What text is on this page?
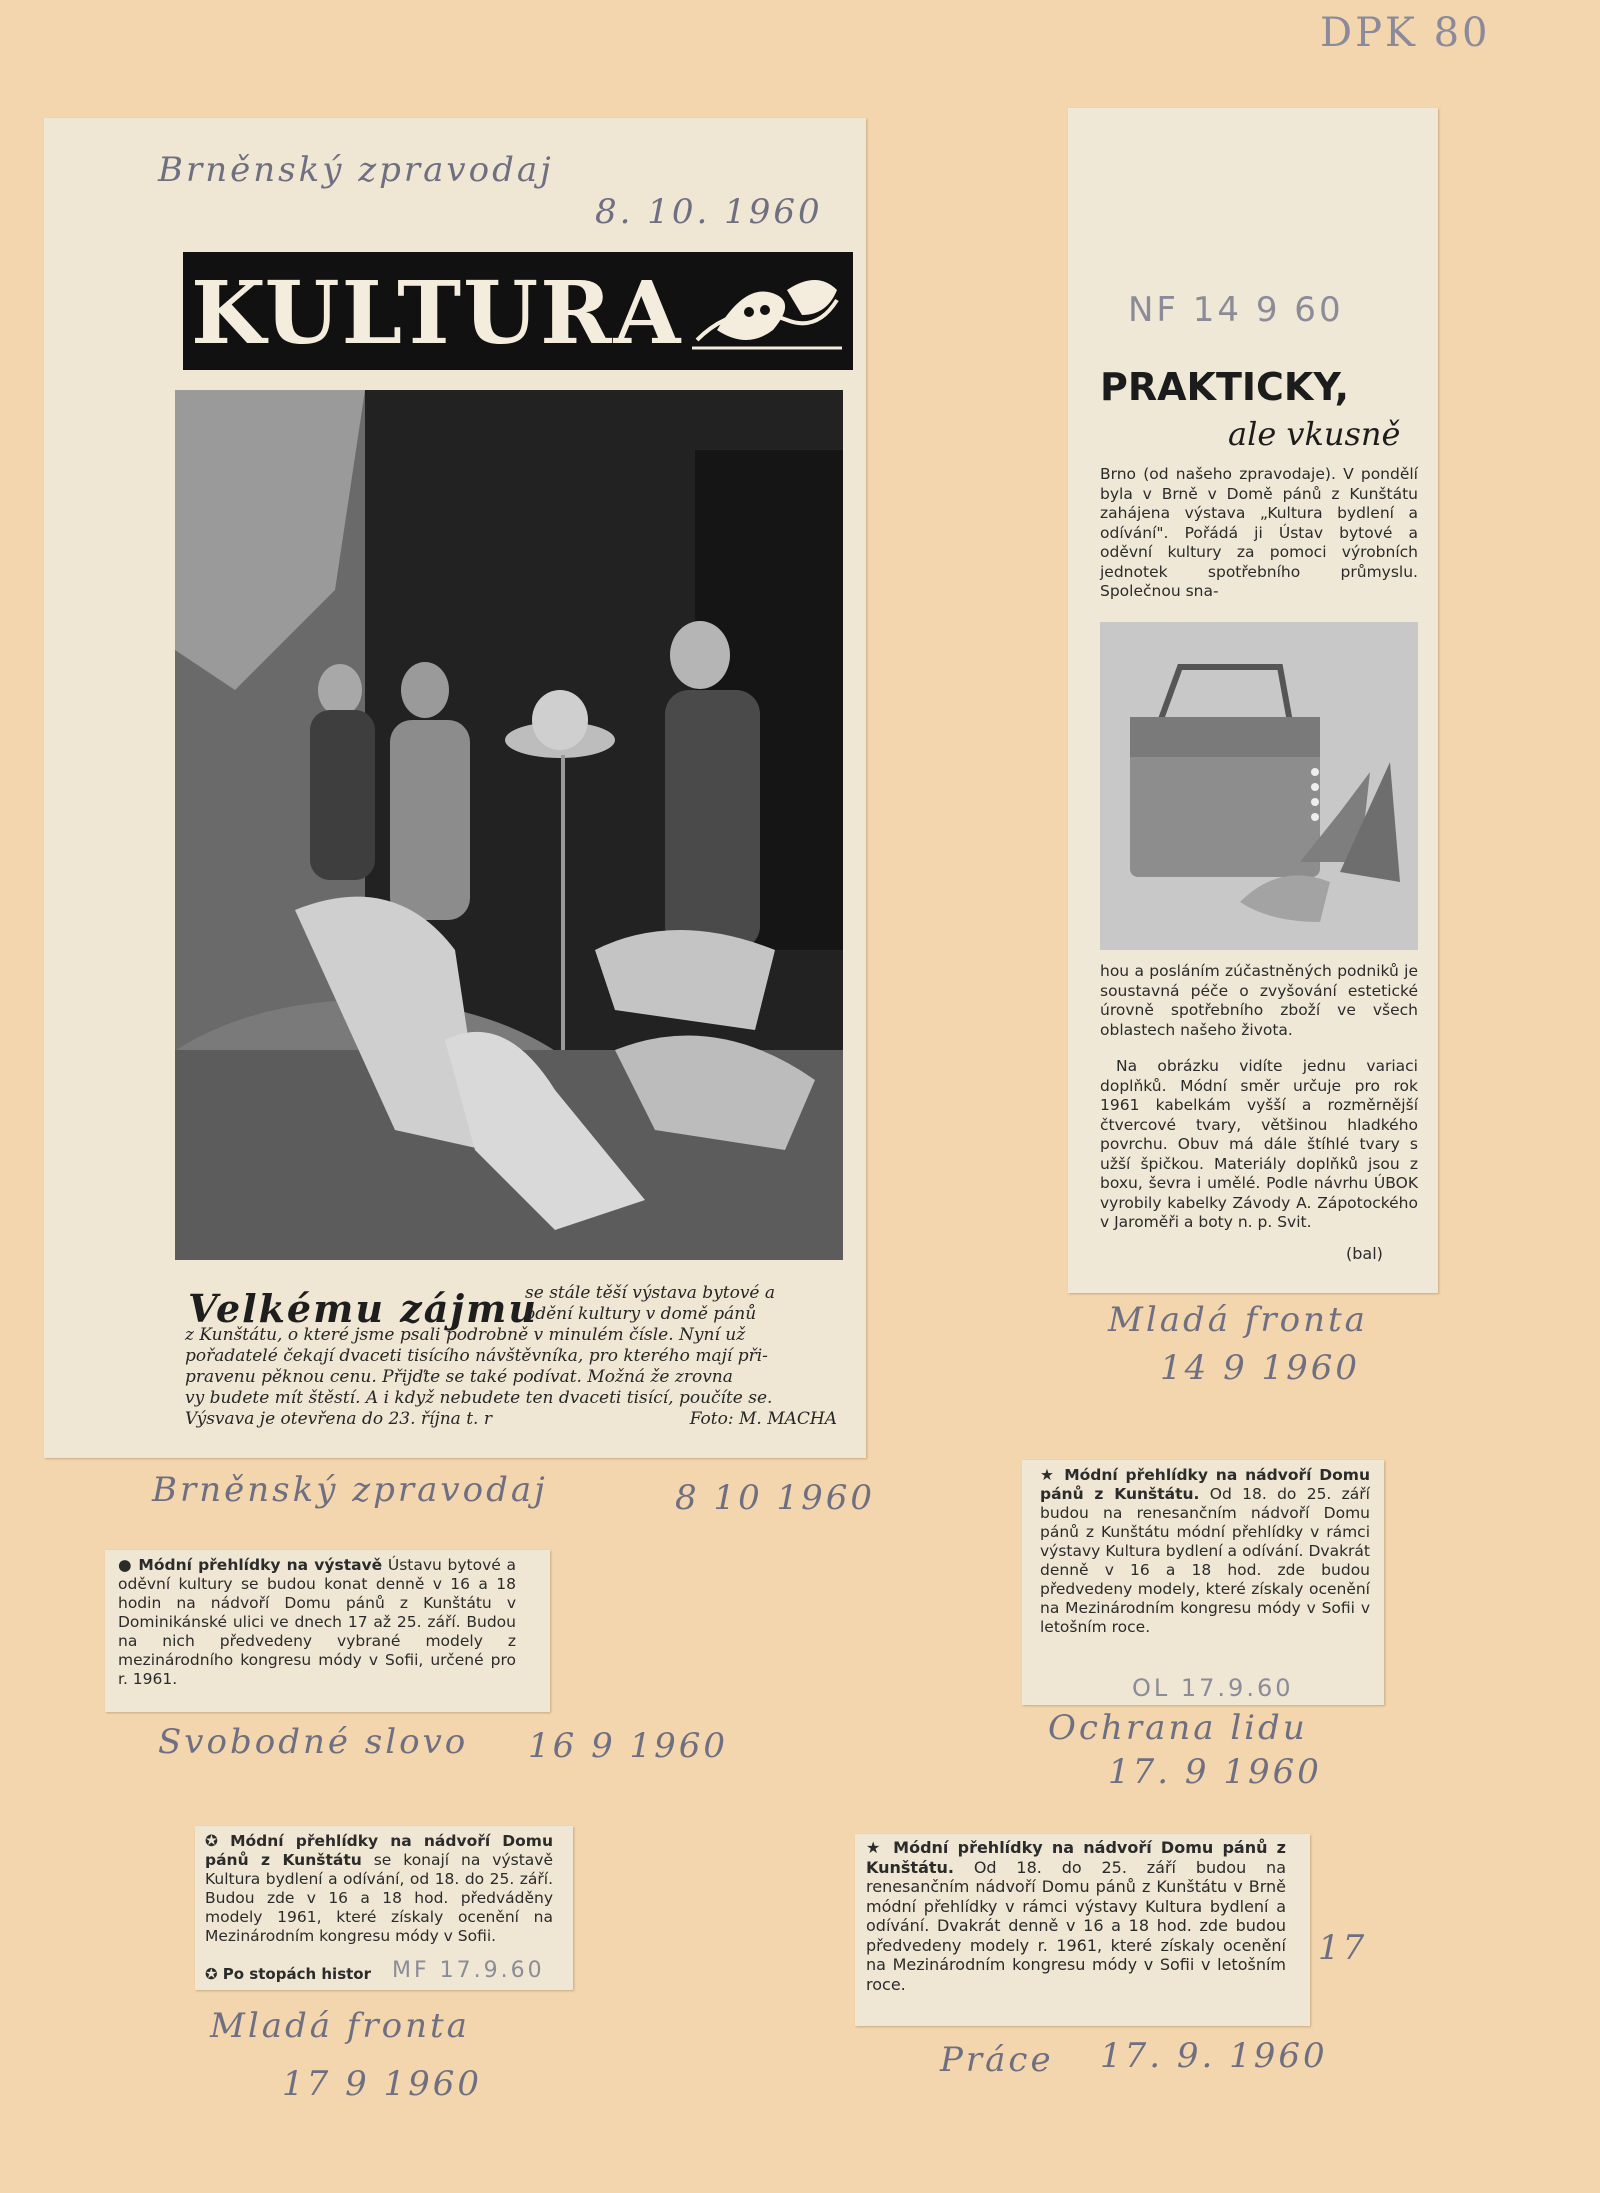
DPK 80
Brněnský zpravodaj
8. 10. 1960
KULTURA
Velkému zájmu
se stále těší výstava bytové a
odění kultury v domě pánů
z Kunštátu, o které jsme psali podrobně v minulém čísle. Nyní už
pořadatelé čekají dvaceti tisícího návštěvníka, pro kterého mají při-
pravenu pěknou cenu. Přijďte se také podívat. Možná že zrovna
vy budete mít štěstí. A i když nebudete ten dvaceti tisící, poučíte se.
Výsvava je otevřena do 23. října t. r	Foto: M. MACHA
Brněnský zpravodaj	8 10 1960
NF 14 9 60
PRAKTICKY,
ale vkusně

Brno (od našeho zpravodaje). V pondělí byla v Brně v Domě pánů z Kunštátu zahájena výstava „Kultura bydlení a odívání". Pořádá ji Ústav bytové a oděvní kultury za pomoci výrobních jednotek spotřebního průmyslu. Společnou sna-

hou a posláním zúčastněných podniků je soustavná péče o zvyšování estetické úrovně spotřebního zboží ve všech oblastech našeho života.

Na obrázku vidíte jednu variaci doplňků. Módní směr určuje pro rok 1961 kabelkám vyšší a rozměrnější čtvercové tvary, většinou hladkého povrchu. Obuv má dále štíhlé tvary s užší špičkou. Materiály doplňků jsou z boxu, ševra i umělé. Podle návrhu ÚBOK vyrobily kabelky Závody A. Zápotockého v Jaroměři a boty n. p. Svit.

(bal)
Mladá fronta
14 9 1960

● Módní přehlídky na výstavě Ústavu bytové a oděvní kultury se budou konat denně v 16 a 18 hodin na nádvoří Domu pánů z Kunštátu v Dominikánské ulici ve dnech 17 až 25. září. Budou na nich předvedeny vybrané modely z mezinárodního kongresu módy v Sofii, určené pro r. 1961.

Svobodné slovo 16 9 1960

★ Módní přehlídky na nádvoří Domu pánů z Kunštátu. Od 18. do 25. září budou na renesančním nádvoří Domu pánů z Kunštátu módní přehlídky v rámci výstavy Kultura bydlení a odívání. Dvakrát denně v 16 a 18 hod. zde budou předvedeny modely, které získaly ocenění na Mezinárodním kongresu módy v Sofii v letošním roce.

OL 17.9.60
Ochrana lidu
17. 9 1960

✪ Módní přehlídky na nádvoří Domu pánů z Kunštátu se konají na výstavě Kultura bydlení a odívání, od 18. do 25. září. Budou zde v 16 a 18 hod. předváděny modely 1961, které získaly ocenění na Mezinárodním kongresu módy v Sofii.

✪ Po stopách histor MF 17.9.60
Mladá fronta
17 9 1960

★ Módní přehlídky na nádvoří Domu pánů z Kunštátu. Od 18. do 25. září budou na renesančním nádvoří Domu pánů z Kunštátu v Brně módní přehlídky v rámci výstavy Kultura bydlení a odívání. Dvakrát denně v 16 a 18 hod. zde budou předvedeny modely r. 1961, které získaly ocenění na Mezinárodním kongresu módy v Sofii v letošním roce.

17
Práce 17. 9. 1960
